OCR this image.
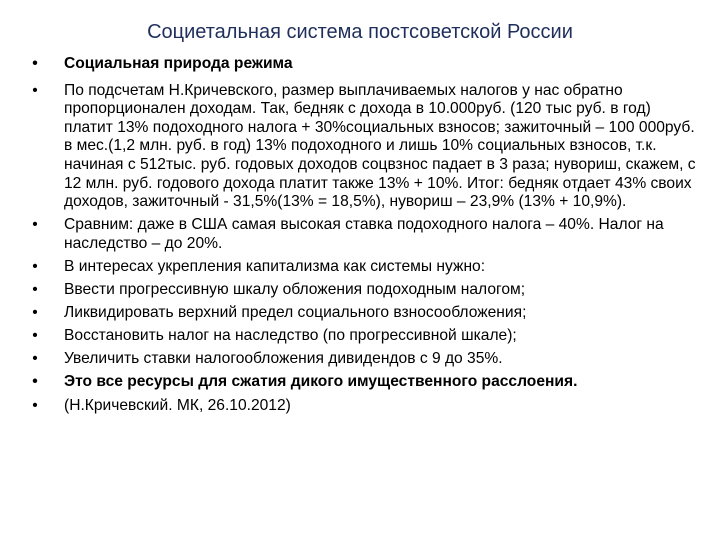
Социетальная система постсоветской России
• Социальная природа режима
• По подсчетам Н.Кричевского, размер выплачиваемых налогов у нас обратно пропорционален доходам. Так, бедняк с дохода в 10.000руб. (120 тыс руб. в год) платит 13% подоходного налога + 30%социальных взносов; зажиточный – 100 000руб. в мес.(1,2 млн. руб. в год) 13% подоходного и лишь 10% социальных взносов, т.к. начиная с 512тыс. руб. годовых доходов соцвзнос падает в 3 раза; нувориш, скажем, с 12 млн. руб. годового дохода платит также 13% + 10%. Итог: бедняк отдает 43% своих доходов, зажиточный - 31,5%(13% = 18,5%), нувориш – 23,9% (13% + 10,9%).
• Сравним: даже в США самая высокая ставка подоходного налога – 40%. Налог на наследство – до 20%.
• В интересах укрепления капитализма как системы нужно:
• Ввести прогрессивную шкалу обложения подоходным налогом;
• Ликвидировать верхний предел социального взносообложения;
• Восстановить налог на наследство (по прогрессивной шкале);
• Увеличить ставки налогообложения дивидендов с 9 до 35%.
• Это все ресурсы для сжатия дикого имущественного расслоения.
• (Н.Кричевский. МК, 26.10.2012)
